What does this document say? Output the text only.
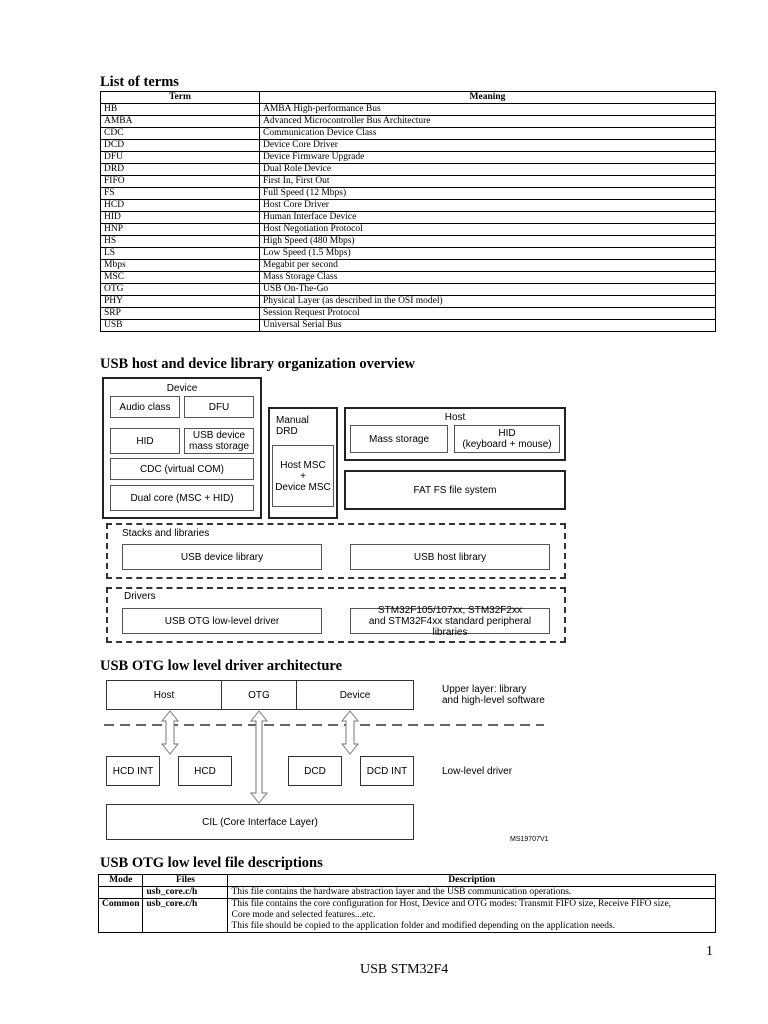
List of terms
Term	Meaning
HB	AMBA High-performance Bus
AMBA	Advanced Microcontroller Bus Architecture
CDC	Communication Device Class
DCD	Device Core Driver
DFU	Device Firmware Upgrade
DRD	Dual Role Device
FIFO	First In, First Out
FS	Full Speed (12 Mbps)
HCD	Host Core Driver
HID	Human Interface Device
HNP	Host Negotiation Protocol
HS	High Speed (480 Mbps)
LS	Low Speed (1.5 Mbps)
Mbps	Megabit per second
MSC	Mass Storage Class
OTG	USB On-The-Go
PHY	Physical Layer (as described in the OSI model)
SRP	Session Request Protocol
USB	Universal Serial Bus
USB host and device library organization overview
Device
Audio class	DFU
HID	USB device
mass storage
CDC (virtual COM)
Dual core (MSC + HID)
Manual
DRD
Host MSC
+
Device MSC
Host
Mass storage	HID
(keyboard + mouse)
FAT FS file system
Stacks and libraries
USB device library	USB host library
Drivers
USB OTG low-level driver
STM32F105/107xx, STM32F2xx
and STM32F4xx standard peripheral libraries
USB OTG low level driver architecture
Host	OTG	Device	Upper layer: library
and high-level software
HCD INT	HCD	DCD	DCD INT	Low-level driver
CIL (Core Interface Layer)
MS19707V1
USB OTG low level file descriptions
Mode	Files	Description
	usb_core.c/h	This file contains the hardware abstraction layer and the USB communication operations.
Common	usb_core.c/h	This file contains the core configuration for Host, Device and OTG modes: Transmit FIFO size, Receive FIFO size,
Core mode and selected features...etc.
This file should be copied to the application folder and modified depending on the application needs.
1
USB STM32F4
